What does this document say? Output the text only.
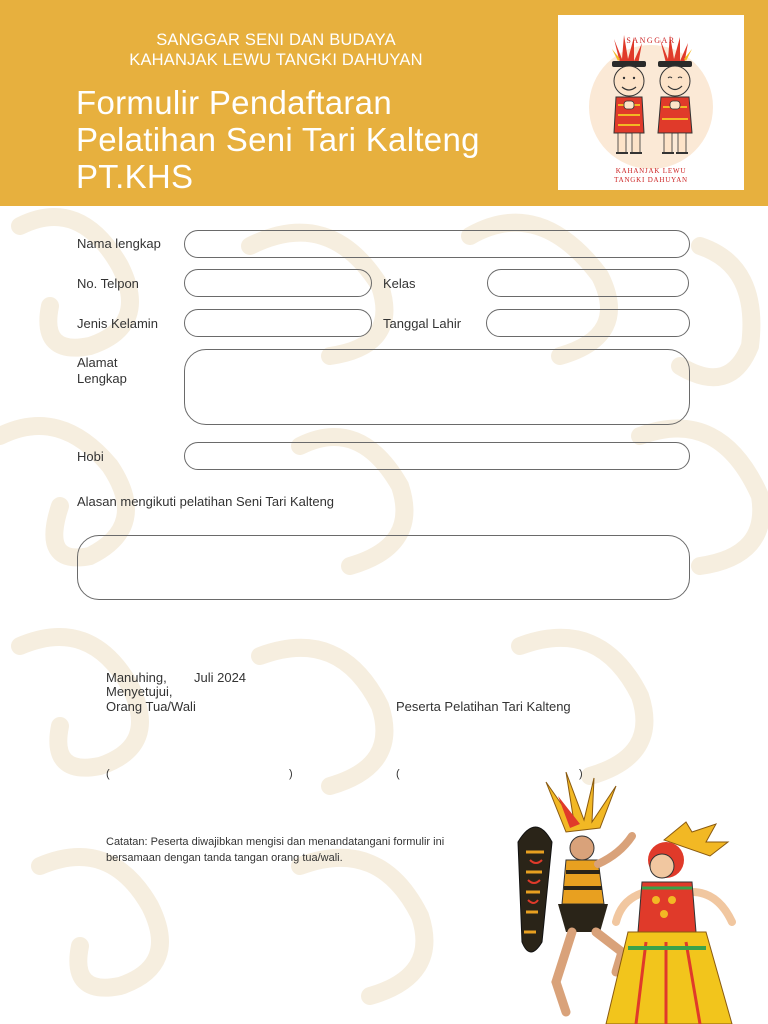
SANGGAR SENI DAN BUDAYA
KAHANJAK LEWU TANGKI DAHUYAN
Formulir Pendaftaran
Pelatihan Seni Tari Kalteng
PT.KHS
SANGGAR
KAHANJAK LEWU
TANGKI DAHUYAN
Nama lengkap
No. Telpon	Kelas
Jenis Kelamin	Tanggal Lahir
Alamat
Lengkap
Hobi
Alasan mengikuti pelatihan Seni Tari Kalteng
Manuhing, Juli 2024
Menyetujui,
Orang Tua/Wali	Peserta Pelatihan Tari Kalteng
(	)	(	)
Catatan: Peserta diwajibkan mengisi dan menandatangani formulir ini
bersamaan dengan tanda tangan orang tua/wali.
